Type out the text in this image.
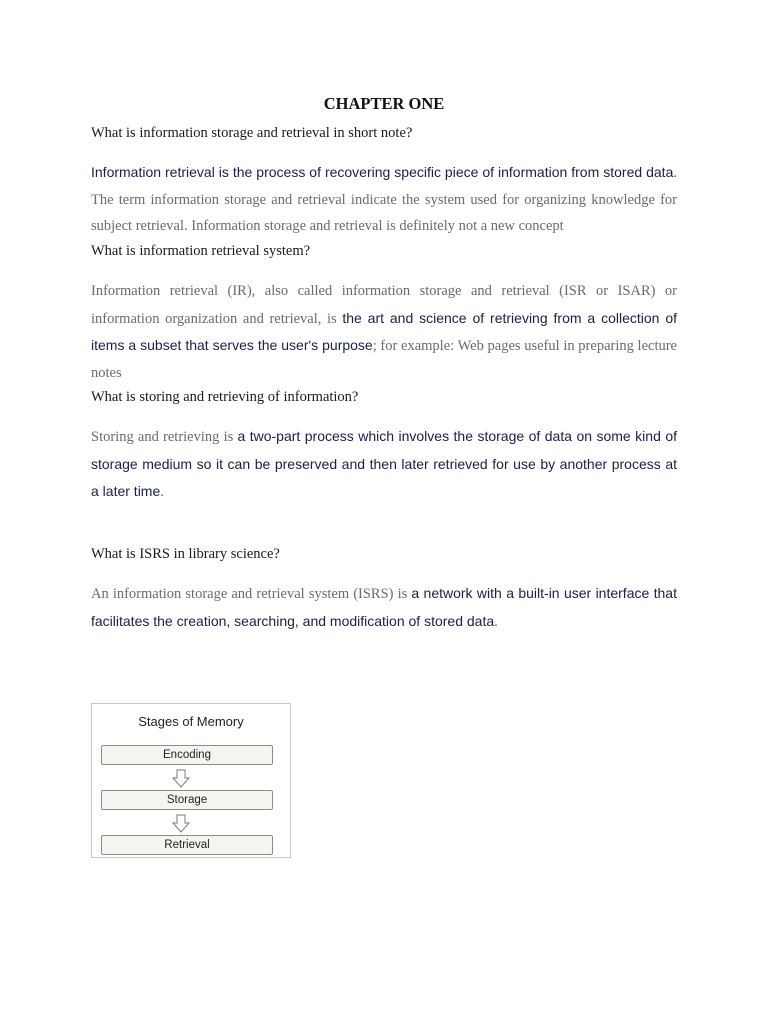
CHAPTER ONE
What is information storage and retrieval in short note?
Information retrieval is the process of recovering specific piece of information from stored data. The term information storage and retrieval indicate the system used for organizing knowledge for subject retrieval. Information storage and retrieval is definitely not a new concept
What is information retrieval system?
Information retrieval (IR), also called information storage and retrieval (ISR or ISAR) or information organization and retrieval, is the art and science of retrieving from a collection of items a subset that serves the user's purpose; for example: Web pages useful in preparing lecture notes
What is storing and retrieving of information?
Storing and retrieving is a two-part process which involves the storage of data on some kind of storage medium so it can be preserved and then later retrieved for use by another process at a later time.
What is ISRS in library science?
An information storage and retrieval system (ISRS) is a network with a built-in user interface that facilitates the creation, searching, and modification of stored data.
Stages of Memory
Encoding
Storage
Retrieval
